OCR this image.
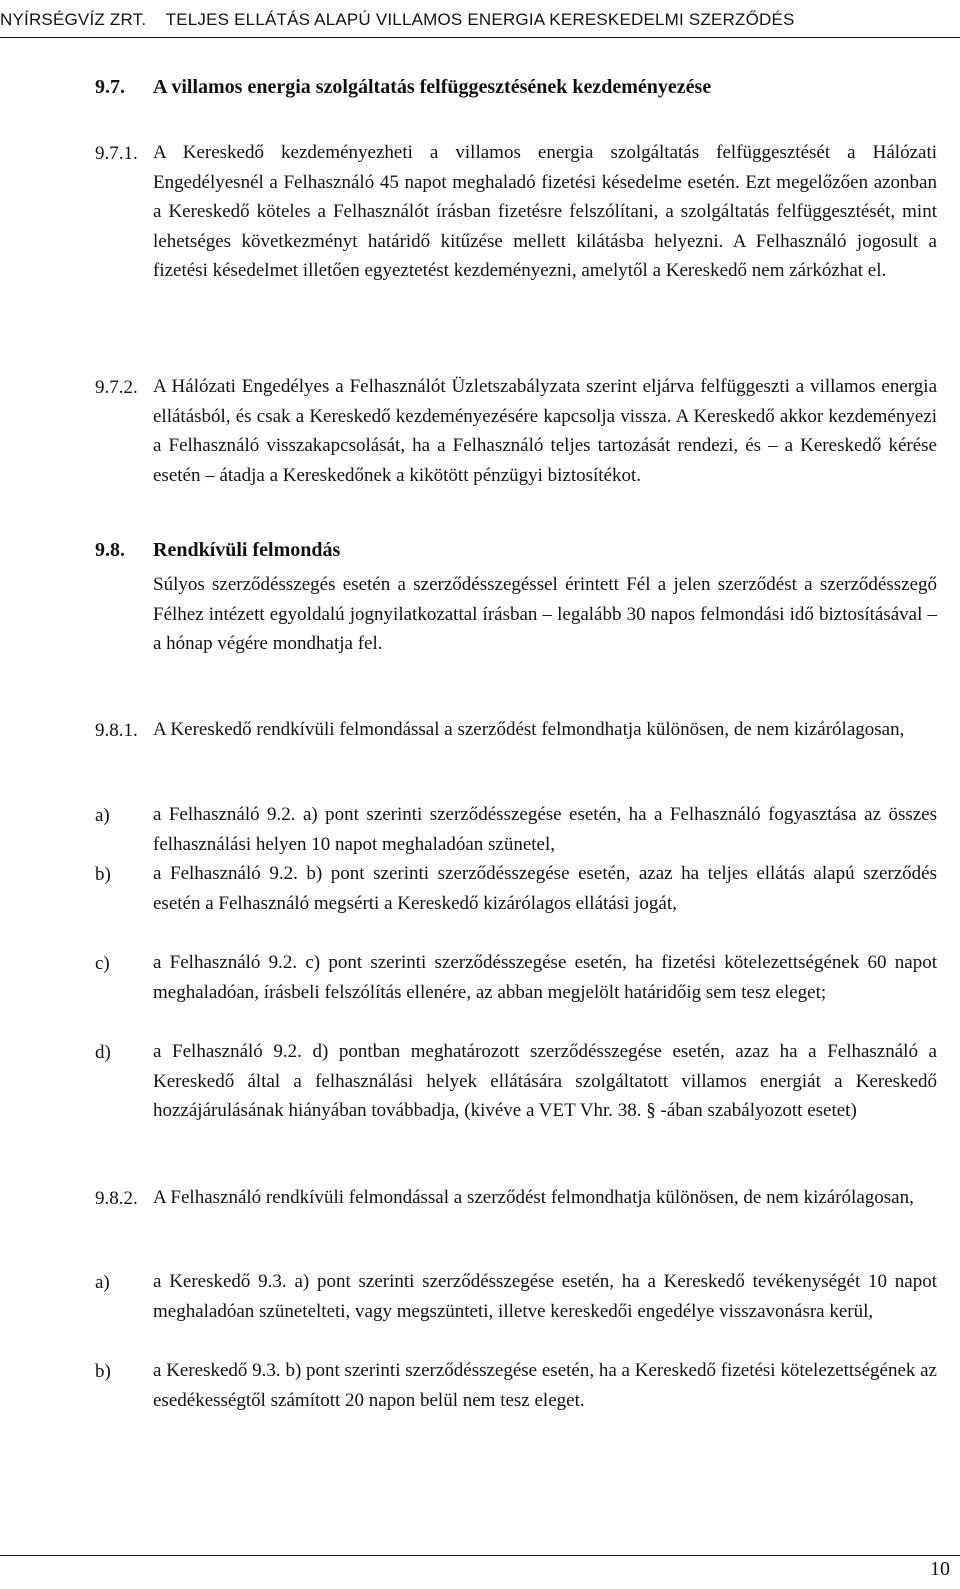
NYÍRSÉGVÍZ ZRT.    TELJES ELLÁTÁS ALAPÚ VILLAMOS ENERGIA KERESKEDELMI SZERZŐDÉS
9.7. A villamos energia szolgáltatás felfüggesztésének kezdeményezése
9.7.1. A Kereskedő kezdeményezheti a villamos energia szolgáltatás felfüggesztését a Hálózati Engedélyesnél a Felhasználó 45 napot meghaladó fizetési késedelme esetén. Ezt megelőzően azonban a Kereskedő köteles a Felhasználót írásban fizetésre felszólítani, a szolgáltatás felfüggesztését, mint lehetséges következményt határidő kitűzése mellett kilátásba helyezni. A Felhasználó jogosult a fizetési késedelmet illetően egyeztetést kezdeményezni, amelytől a Kereskedő nem zárkózhat el.
9.7.2. A Hálózati Engedélyes a Felhasználót Üzletszabályzata szerint eljárva felfüggeszti a villamos energia ellátásból, és csak a Kereskedő kezdeményezésére kapcsolja vissza. A Kereskedő akkor kezdeményezi a Felhasználó visszakapcsolását, ha a Felhasználó teljes tartozását rendezi, és – a Kereskedő kérése esetén – átadja a Kereskedőnek a kikötött pénzügyi biztosítékot.
9.8. Rendkívüli felmondás
Súlyos szerződésszegés esetén a szerződésszegéssel érintett Fél a jelen szerződést a szerződésszegő Félhez intézett egyoldalú jognyilatkozattal írásban – legalább 30 napos felmondási idő biztosításával – a hónap végére mondhatja fel.
9.8.1. A Kereskedő rendkívüli felmondással a szerződést felmondhatja különösen, de nem kizárólagosan,
a) a Felhasználó 9.2. a) pont szerinti szerződésszegése esetén, ha a Felhasználó fogyasztása az összes felhasználási helyen 10 napot meghaladóan szünetel,
b) a Felhasználó 9.2. b) pont szerinti szerződésszegése esetén, azaz ha teljes ellátás alapú szerződés esetén a Felhasználó megsérti a Kereskedő kizárólagos ellátási jogát,
c) a Felhasználó 9.2. c) pont szerinti szerződésszegése esetén, ha fizetési kötelezettségének 60 napot meghaladóan, írásbeli felszólítás ellenére, az abban megjelölt határidőig sem tesz eleget;
d) a Felhasználó 9.2. d) pontban meghatározott szerződésszegése esetén, azaz ha a Felhasználó a Kereskedő által a felhasználási helyek ellátására szolgáltatott villamos energiát a Kereskedő hozzájárulásának hiányában továbbadja, (kivéve a VET Vhr. 38. § -ában szabályozott esetet)
9.8.2. A Felhasználó rendkívüli felmondással a szerződést felmondhatja különösen, de nem kizárólagosan,
a) a Kereskedő 9.3. a) pont szerinti szerződésszegése esetén, ha a Kereskedő tevékenységét 10 napot meghaladóan szünetelteti, vagy megszünteti, illetve kereskedői engedélye visszavonásra kerül,
b) a Kereskedő 9.3. b) pont szerinti szerződésszegése esetén, ha a Kereskedő fizetési kötelezettségének az esedékességtől számított 20 napon belül nem tesz eleget.
10
